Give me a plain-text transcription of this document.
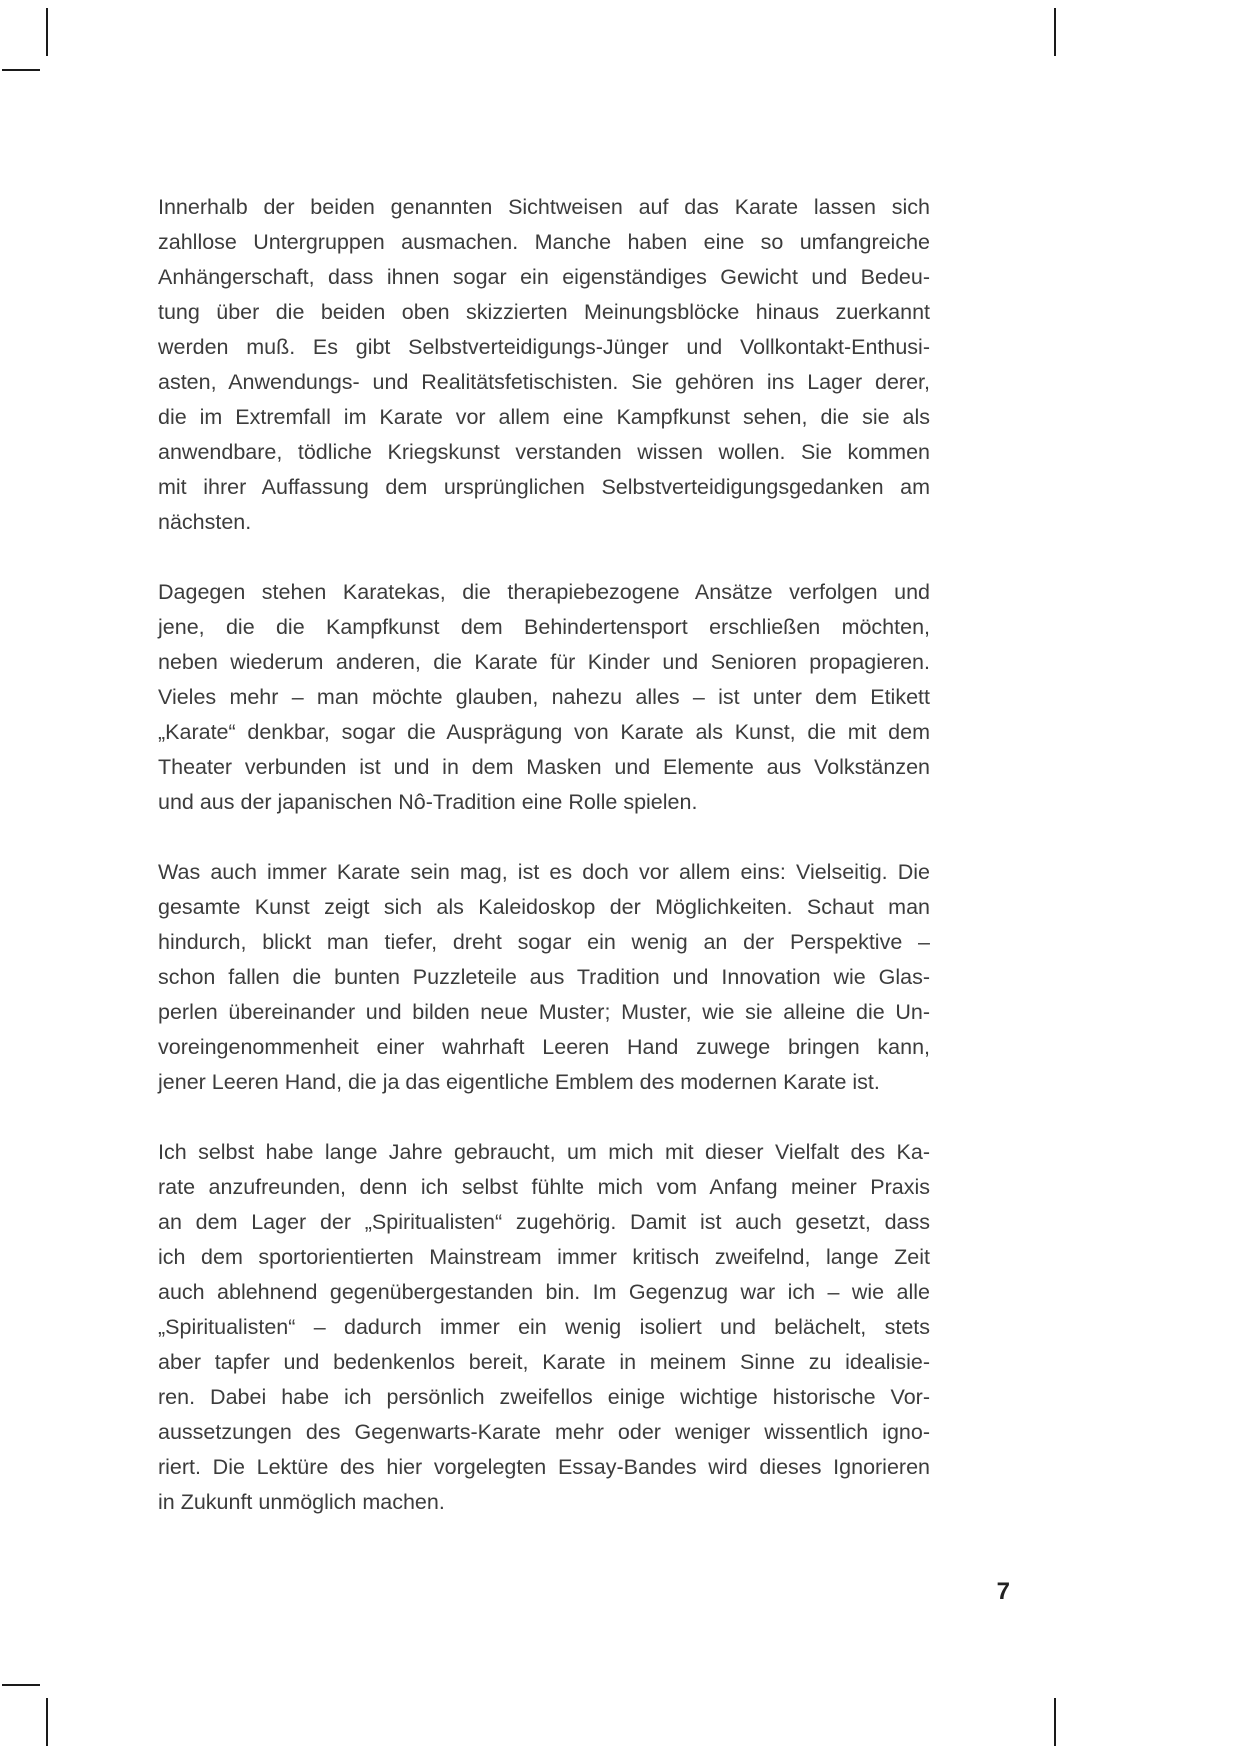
Innerhalb der beiden genannten Sichtweisen auf das Karate lassen sich
zahllose Untergruppen ausmachen. Manche haben eine so umfangreiche
Anhängerschaft, dass ihnen sogar ein eigenständiges Gewicht und Bedeu-
tung über die beiden oben skizzierten Meinungsblöcke hinaus zuerkannt
werden muß. Es gibt Selbstverteidigungs-Jünger und Vollkontakt-Enthusi-
asten, Anwendungs- und Realitätsfetischisten. Sie gehören ins Lager derer,
die im Extremfall im Karate vor allem eine Kampfkunst sehen, die sie als
anwendbare, tödliche Kriegskunst verstanden wissen wollen. Sie kommen
mit ihrer Auffassung dem ursprünglichen Selbstverteidigungsgedanken am
nächsten.
Dagegen stehen Karatekas, die therapiebezogene Ansätze verfolgen und
jene, die die Kampfkunst dem Behindertensport erschließen möchten,
neben wiederum anderen, die Karate für Kinder und Senioren propagieren.
Vieles mehr – man möchte glauben, nahezu alles – ist unter dem Etikett
„Karate“ denkbar, sogar die Ausprägung von Karate als Kunst, die mit dem
Theater verbunden ist und in dem Masken und Elemente aus Volkstänzen
und aus der japanischen Nô-Tradition eine Rolle spielen.
Was auch immer Karate sein mag, ist es doch vor allem eins: Vielseitig. Die
gesamte Kunst zeigt sich als Kaleidoskop der Möglichkeiten. Schaut man
hindurch, blickt man tiefer, dreht sogar ein wenig an der Perspektive –
schon fallen die bunten Puzzleteile aus Tradition und Innovation wie Glas-
perlen übereinander und bilden neue Muster; Muster, wie sie alleine die Un-
voreingenommenheit einer wahrhaft Leeren Hand zuwege bringen kann,
jener Leeren Hand, die ja das eigentliche Emblem des modernen Karate ist.
Ich selbst habe lange Jahre gebraucht, um mich mit dieser Vielfalt des Ka-
rate anzufreunden, denn ich selbst fühlte mich vom Anfang meiner Praxis
an dem Lager der „Spiritualisten“ zugehörig. Damit ist auch gesetzt, dass
ich dem sportorientierten Mainstream immer kritisch zweifelnd, lange Zeit
auch ablehnend gegenübergestanden bin. Im Gegenzug war ich – wie alle
„Spiritualisten“ – dadurch immer ein wenig isoliert und belächelt, stets
aber tapfer und bedenkenlos bereit, Karate in meinem Sinne zu idealisie-
ren. Dabei habe ich persönlich zweifellos einige wichtige historische Vor-
aussetzungen des Gegenwarts-Karate mehr oder weniger wissentlich igno-
riert. Die Lektüre des hier vorgelegten Essay-Bandes wird dieses Ignorieren
in Zukunft unmöglich machen.
7
